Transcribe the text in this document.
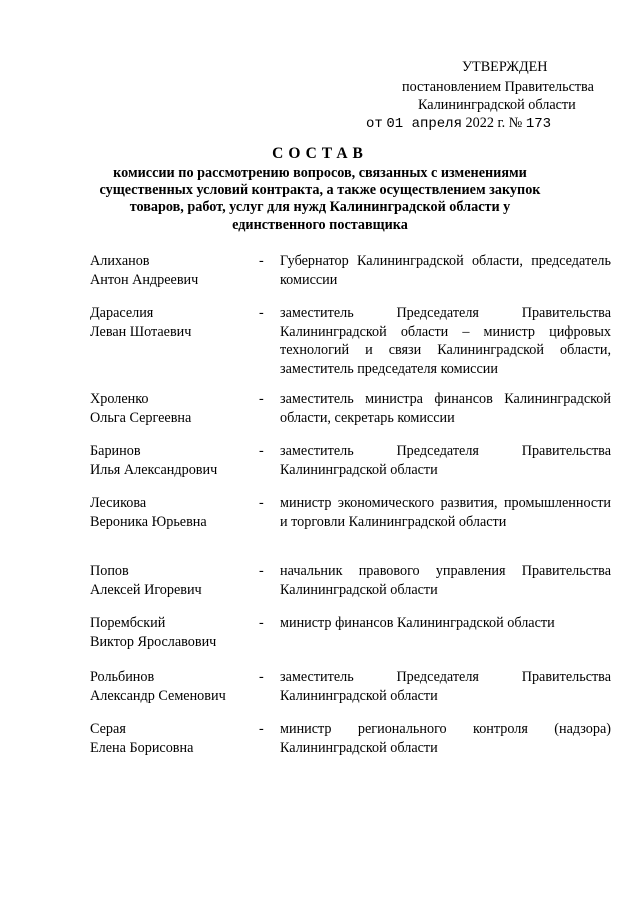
УТВЕРЖДЕН
постановлением Правительства
Калининградской области
от 01 апреля 2022 г. № 173
СОСТАВ
комиссии по рассмотрению вопросов, связанных с изменениями существенных условий контракта, а также осуществлением закупок товаров, работ, услуг для нужд Калининградской области у единственного поставщика
Алиханов
Антон Андреевич
- Губернатор Калининградской области, председатель комиссии
Дараселия
Леван Шотаевич
- заместитель Председателя Правительства Калининградской области – министр цифровых технологий и связи Калининградской области, заместитель председателя комиссии
Хроленко
Ольга Сергеевна
- заместитель министра финансов Калининградской области, секретарь комиссии
Баринов
Илья Александрович
- заместитель Председателя Правительства Калининградской области
Лесикова
Вероника Юрьевна
- министр экономического развития, промышленности и торговли Калининградской области
Попов
Алексей Игоревич
- начальник правового управления Правительства Калининградской области
Порембский
Виктор Ярославович
- министр финансов Калининградской области
Рольбинов
Александр Семенович
- заместитель Председателя Правительства Калининградской области
Серая
Елена Борисовна
- министр регионального контроля (надзора) Калининградской области
